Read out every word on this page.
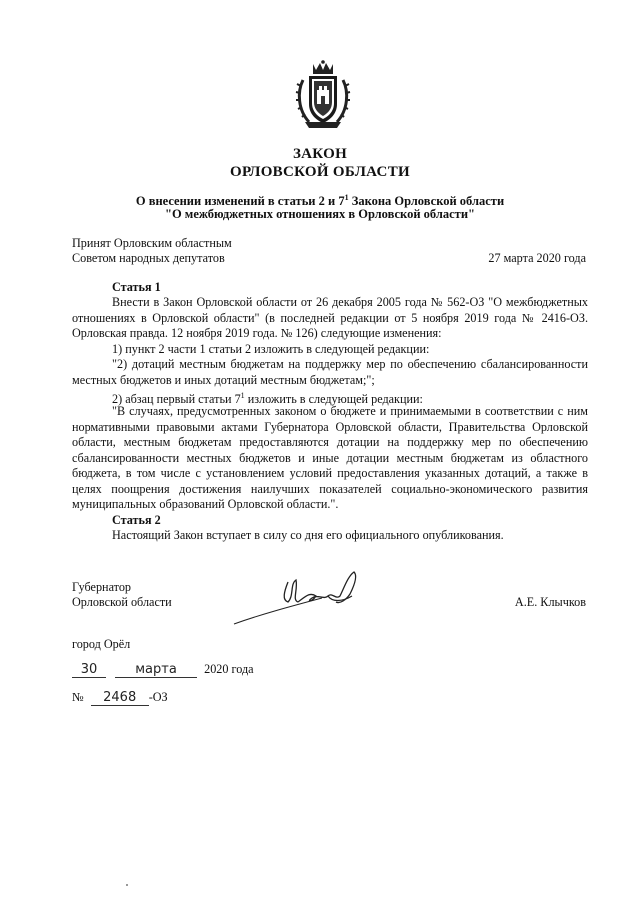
ЗАКОН
ОРЛОВСКОЙ ОБЛАСТИ
О внесении изменений в статьи 2 и $7^1$ Закона Орловской области
"О межбюджетных отношениях в Орловской области"
Принят Орловским областным
Советом народных депутатов	27 марта 2020 года
Статья 1
Внести в Закон Орловской области от 26 декабря 2005 года № 562-ОЗ "О межбюджетных отношениях в Орловской области" (в последней редакции от 5 ноября 2019 года № 2416-ОЗ. Орловская правда. 12 ноября 2019 года. № 126) следующие изменения:
1) пункт 2 части 1 статьи 2 изложить в следующей редакции:
"2) дотаций местным бюджетам на поддержку мер по обеспечению сбалансированности местных бюджетов и иных дотаций местным бюджетам;";
2) абзац первый статьи $7^1$ изложить в следующей редакции:
"В случаях, предусмотренных законом о бюджете и принимаемыми в соответствии с ним нормативными правовыми актами Губернатора Орловской области, Правительства Орловской области, местным бюджетам предоставляются дотации на поддержку мер по обеспечению сбалансированности местных бюджетов и иные дотации местным бюджетам из областного бюджета, в том числе с установлением условий предоставления указанных дотаций, а также в целях поощрения достижения наилучших показателей социально-экономического развития муниципальных образований Орловской области.".
Статья 2
Настоящий Закон вступает в силу со дня его официального опубликования.
Губернатор
Орловской области	А.Е. Клычков
город Орёл
30	марта 2020 года
№ 2468 -ОЗ
